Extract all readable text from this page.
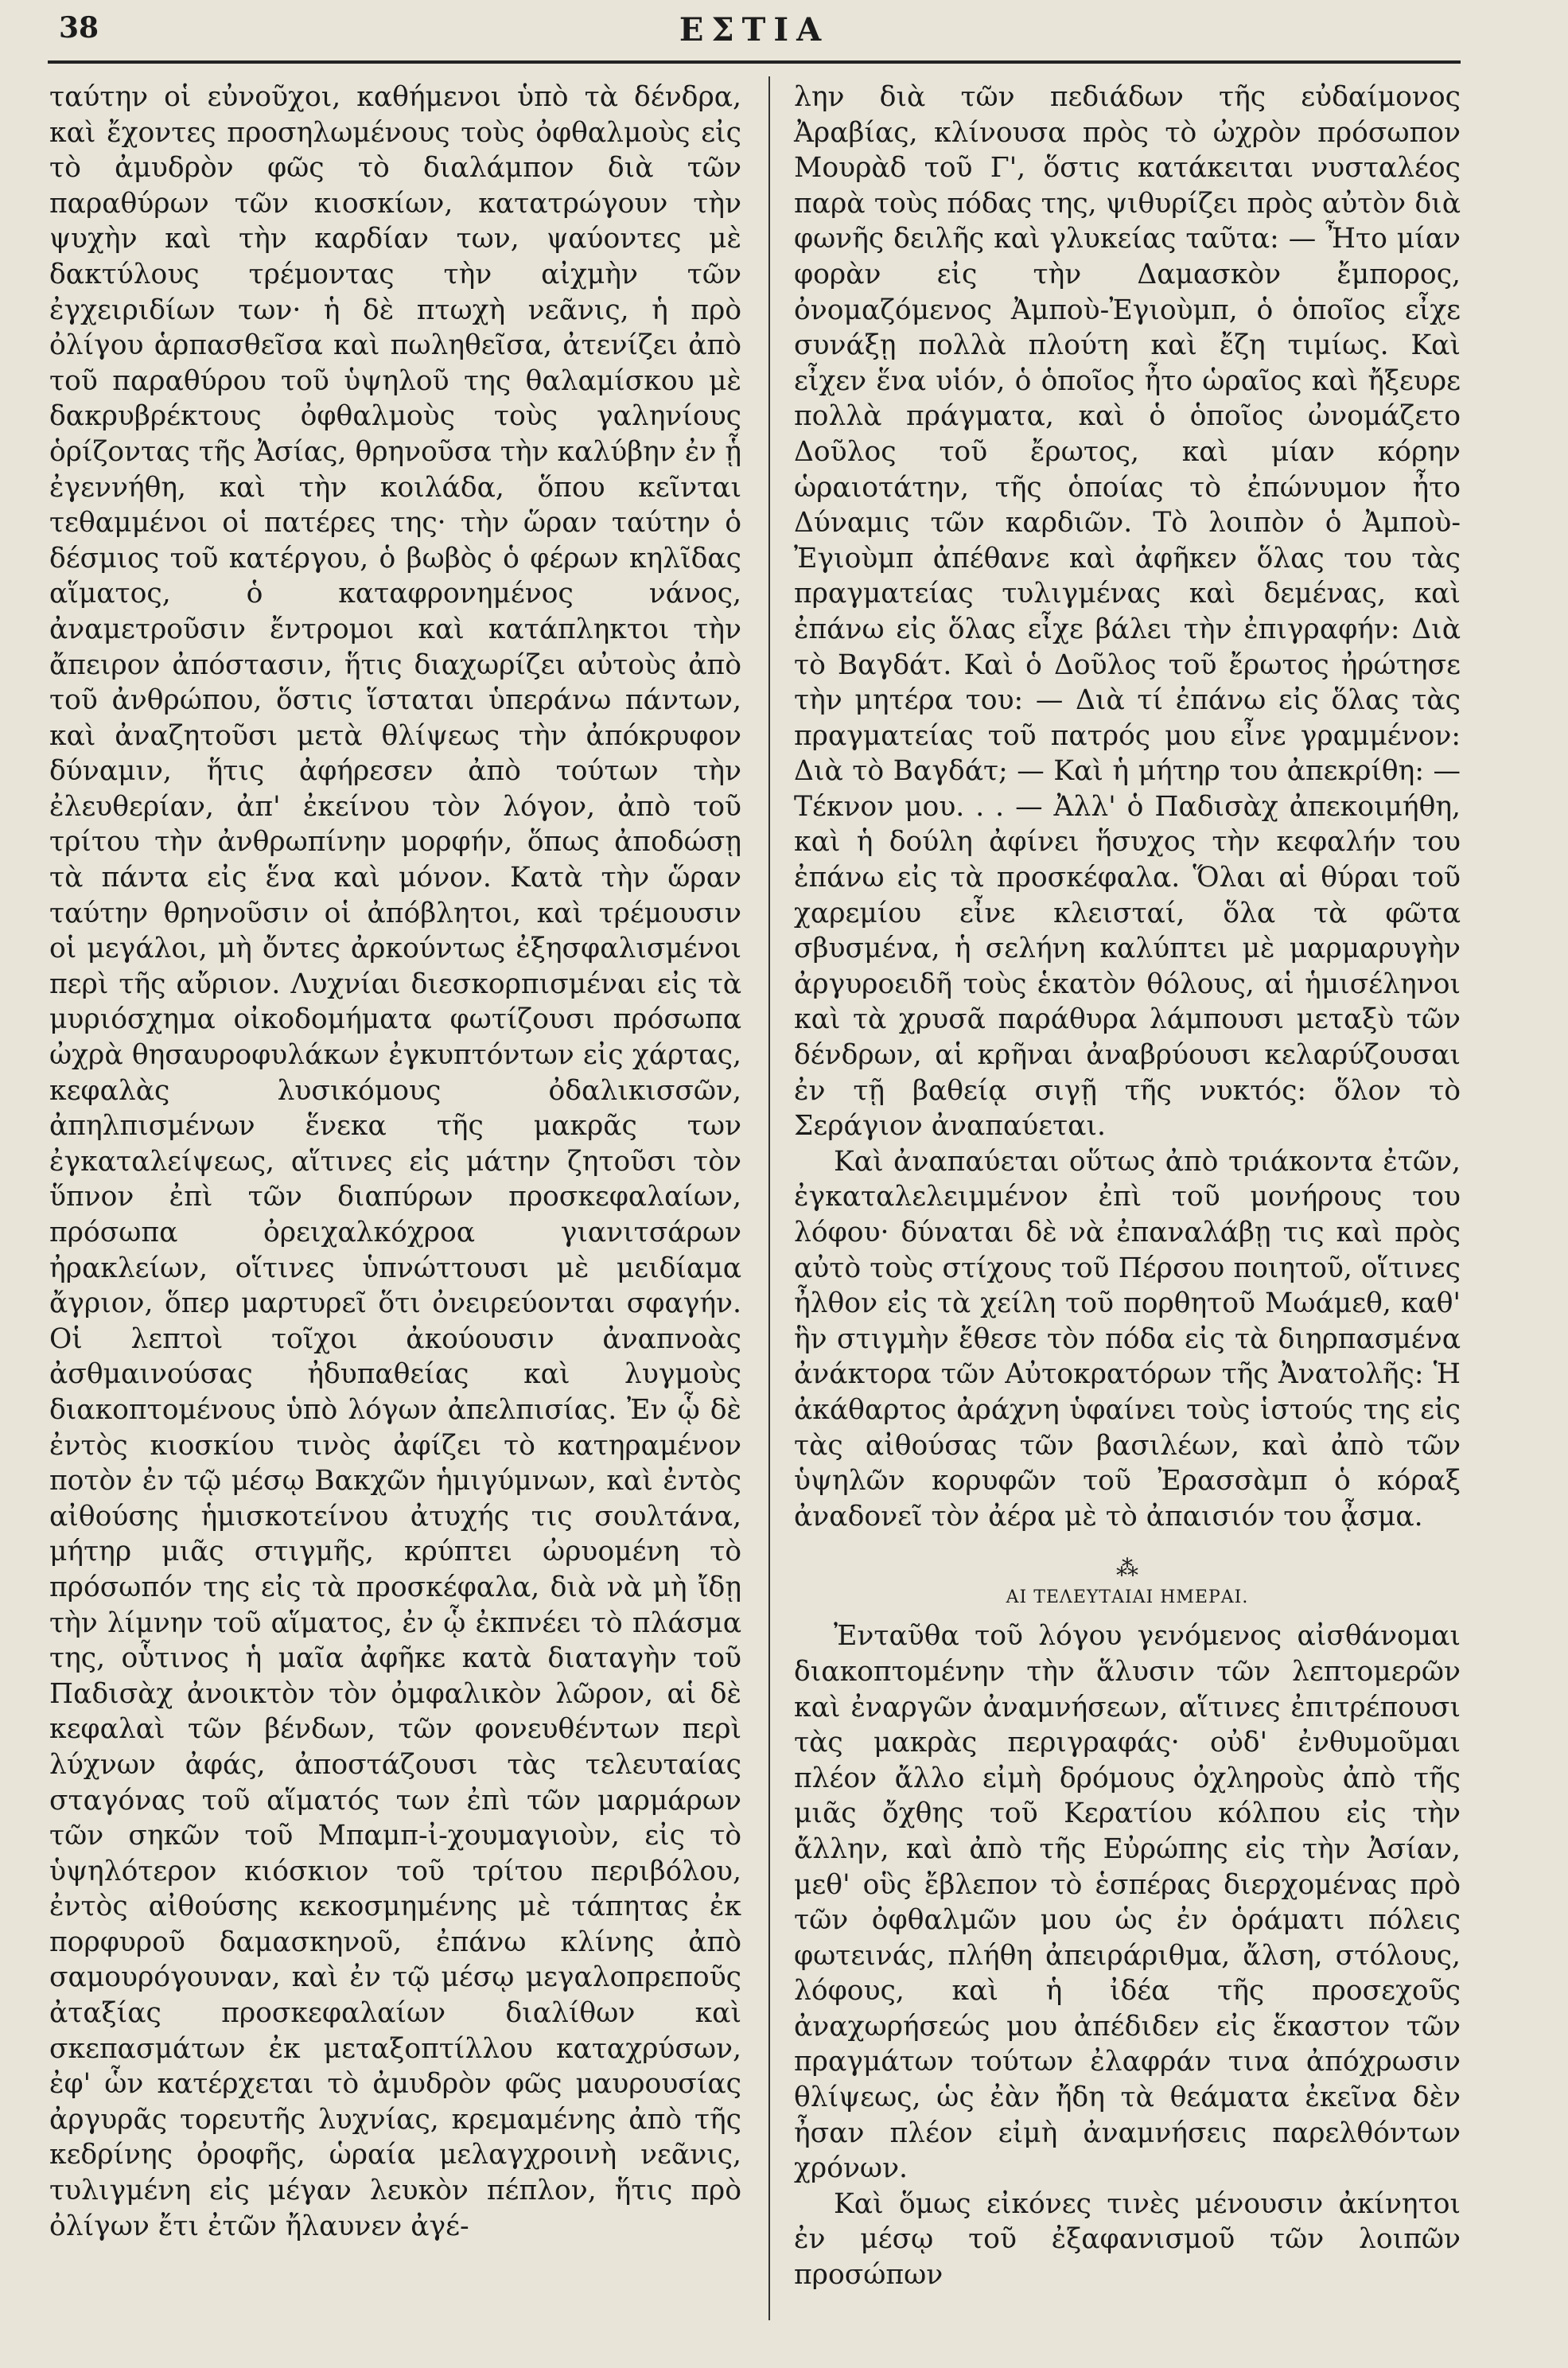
38	ΕΣΤΙΑ

ταύτην οἱ εὐνοῦχοι, καθήμενοι ὑπὸ τὰ δένδρα, καὶ ἔχοντες προσηλωμένους τοὺς ὀφθαλμοὺς εἰς τὸ ἀμυδρὸν φῶς τὸ διαλάμπον διὰ τῶν παραθύρων τῶν κιοσκίων, κατατρώγουν τὴν ψυχὴν καὶ τὴν καρδίαν των, ψαύοντες μὲ δακτύλους τρέμοντας τὴν αἰχμὴν τῶν ἐγχειριδίων των· ἡ δὲ πτωχὴ νεᾶνις, ἡ πρὸ ὀλίγου ἁρπασθεῖσα καὶ πωληθεῖσα, ἀτενίζει ἀπὸ τοῦ παραθύρου τοῦ ὑψηλοῦ της θαλαμίσκου μὲ δακρυβρέκτους ὀφθαλμοὺς τοὺς γαληνίους ὁρίζοντας τῆς Ἀσίας, θρηνοῦσα τὴν καλύβην ἐν ᾗ ἐγεννήθη, καὶ τὴν κοιλάδα, ὅπου κεῖνται τεθαμμένοι οἱ πατέρες της· τὴν ὥραν ταύτην ὁ δέσμιος τοῦ κατέργου, ὁ βωβὸς ὁ φέρων κηλῖδας αἵματος, ὁ καταφρονημένος νάνος, ἀναμετροῦσιν ἔντρομοι καὶ κατάπληκτοι τὴν ἄπειρον ἀπόστασιν, ἥτις διαχωρίζει αὐτοὺς ἀπὸ τοῦ ἀνθρώπου, ὅστις ἵσταται ὑπεράνω πάντων, καὶ ἀναζητοῦσι μετὰ θλίψεως τὴν ἀπόκρυφον δύναμιν, ἥτις ἀφήρεσεν ἀπὸ τούτων τὴν ἐλευθερίαν, ἀπ' ἐκείνου τὸν λόγον, ἀπὸ τοῦ τρίτου τὴν ἀνθρωπίνην μορφήν, ὅπως ἀποδώσῃ τὰ πάντα εἰς ἕνα καὶ μόνον. Κατὰ τὴν ὥραν ταύτην θρηνοῦσιν οἱ ἀπόβλητοι, καὶ τρέμουσιν οἱ μεγάλοι, μὴ ὄντες ἀρκούντως ἐξησφαλισμένοι περὶ τῆς αὔριον. Λυχνίαι διεσκορπισμέναι εἰς τὰ μυριόσχημα οἰκοδομήματα φωτίζουσι πρόσωπα ὠχρὰ θησαυροφυλάκων ἐγκυπτόντων εἰς χάρτας, κεφαλὰς λυσικόμους ὀδαλικισσῶν, ἀπηλπισμένων ἕνεκα τῆς μακρᾶς των ἐγκαταλείψεως, αἵτινες εἰς μάτην ζητοῦσι τὸν ὕπνον ἐπὶ τῶν διαπύρων προσκεφαλαίων, πρόσωπα ὀρειχαλκόχροα γιανιτσάρων ἠρακλείων, οἵτινες ὑπνώττουσι μὲ μειδίαμα ἄγριον, ὅπερ μαρτυρεῖ ὅτι ὀνειρεύονται σφαγήν. Οἱ λεπτοὶ τοῖχοι ἀκούουσιν ἀναπνοὰς ἀσθμαινούσας ἠδυπαθείας καὶ λυγμοὺς διακοπτομένους ὑπὸ λόγων ἀπελπισίας. Ἐν ᾧ δὲ ἐντὸς κιοσκίου τινὸς ἀφίζει τὸ κατηραμένον ποτὸν ἐν τῷ μέσῳ Βακχῶν ἡμιγύμνων, καὶ ἐντὸς αἰθούσης ἡμισκοτείνου ἀτυχής τις σουλτάνα, μήτηρ μιᾶς στιγμῆς, κρύπτει ὠρυομένη τὸ πρόσωπόν της εἰς τὰ προσκέφαλα, διὰ νὰ μὴ ἴδῃ τὴν λίμνην τοῦ αἵματος, ἐν ᾧ ἐκπνέει τὸ πλάσμα της, οὗτινος ἡ μαῖα ἀφῆκε κατὰ διαταγὴν τοῦ Παδισὰχ ἀνοικτὸν τὸν ὀμφαλικὸν λῶρον, αἱ δὲ κεφαλαὶ τῶν βένδων, τῶν φονευθέντων περὶ λύχνων ἀφάς, ἀποστάζουσι τὰς τελευταίας σταγόνας τοῦ αἵματός των ἐπὶ τῶν μαρμάρων τῶν σηκῶν τοῦ Μπαμπ-ἰ-χουμαγιοὺν, εἰς τὸ ὑψηλότερον κιόσκιον τοῦ τρίτου περιβόλου, ἐντὸς αἰθούσης κεκοσμημένης μὲ τάπητας ἐκ πορφυροῦ δαμασκηνοῦ, ἐπάνω κλίνης ἀπὸ σαμουρόγουναν, καὶ ἐν τῷ μέσῳ μεγαλοπρεποῦς ἀταξίας προσκεφαλαίων διαλίθων καὶ σκεπασμάτων ἐκ μεταξοπτίλλου καταχρύσων, ἐφ' ὧν κατέρχεται τὸ ἀμυδρὸν φῶς μαυρουσίας ἀργυρᾶς τορευτῆς λυχνίας, κρεμαμένης ἀπὸ τῆς κεδρίνης ὀροφῆς, ὡραία μελαγχροινὴ νεᾶνις, τυλιγμένη εἰς μέγαν λευκὸν πέπλον, ἥτις πρὸ ὀλίγων ἔτι ἐτῶν ἤλαυνεν ἀγέ-

λην διὰ τῶν πεδιάδων τῆς εὐδαίμονος Ἀραβίας, κλίνουσα πρὸς τὸ ὠχρὸν πρόσωπον Μουρὰδ τοῦ Γ', ὅστις κατάκειται νυσταλέος παρὰ τοὺς πόδας της, ψιθυρίζει πρὸς αὐτὸν διὰ φωνῆς δειλῆς καὶ γλυκείας ταῦτα: — Ἦτο μίαν φορὰν εἰς τὴν Δαμασκὸν ἔμπορος, ὀνομαζόμενος Ἀμποὺ-Ἐγιοὺμπ, ὁ ὁποῖος εἶχε συνάξῃ πολλὰ πλούτη καὶ ἔζη τιμίως. Καὶ εἶχεν ἕνα υἱόν, ὁ ὁποῖος ἦτο ὡραῖος καὶ ἤξευρε πολλὰ πράγματα, καὶ ὁ ὁποῖος ὠνομάζετο Δοῦλος τοῦ ἔρωτος, καὶ μίαν κόρην ὡραιοτάτην, τῆς ὁποίας τὸ ἐπώνυμον ἦτο Δύναμις τῶν καρδιῶν. Τὸ λοιπὸν ὁ Ἀμποὺ-Ἐγιοὺμπ ἀπέθανε καὶ ἀφῆκεν ὅλας του τὰς πραγματείας τυλιγμένας καὶ δεμένας, καὶ ἐπάνω εἰς ὅλας εἶχε βάλει τὴν ἐπιγραφήν: Διὰ τὸ Βαγδάτ. Καὶ ὁ Δοῦλος τοῦ ἔρωτος ἠρώτησε τὴν μητέρα του: — Διὰ τί ἐπάνω εἰς ὅλας τὰς πραγματείας τοῦ πατρός μου εἶνε γραμμένον: Διὰ τὸ Βαγδάτ; — Καὶ ἡ μήτηρ του ἀπεκρίθη: — Τέκνον μου. . . — Ἀλλ' ὁ Παδισὰχ ἀπεκοιμήθη, καὶ ἡ δούλη ἀφίνει ἥσυχος τὴν κεφαλήν του ἐπάνω εἰς τὰ προσκέφαλα. Ὅλαι αἱ θύραι τοῦ χαρεμίου εἶνε κλεισταί, ὅλα τὰ φῶτα σβυσμένα, ἡ σελήνη καλύπτει μὲ μαρμαρυγὴν ἀργυροειδῆ τοὺς ἑκατὸν θόλους, αἱ ἡμισέληνοι καὶ τὰ χρυσᾶ παράθυρα λάμπουσι μεταξὺ τῶν δένδρων, αἱ κρῆναι ἀναβρύουσι κελαρύζουσαι ἐν τῇ βαθείᾳ σιγῇ τῆς νυκτός: ὅλον τὸ Σεράγιον ἀναπαύεται.

Καὶ ἀναπαύεται οὕτως ἀπὸ τριάκοντα ἐτῶν, ἐγκαταλελειμμένον ἐπὶ τοῦ μονήρους του λόφου· δύναται δὲ νὰ ἐπαναλάβῃ τις καὶ πρὸς αὐτὸ τοὺς στίχους τοῦ Πέρσου ποιητοῦ, οἵτινες ἦλθον εἰς τὰ χείλη τοῦ πορθητοῦ Μωάμεθ, καθ' ἣν στιγμὴν ἔθεσε τὸν πόδα εἰς τὰ διηρπασμένα ἀνάκτορα τῶν Αὐτοκρατόρων τῆς Ἀνατολῆς: Ἡ ἀκάθαρτος ἀράχνη ὑφαίνει τοὺς ἱστούς της εἰς τὰς αἰθούσας τῶν βασιλέων, καὶ ἀπὸ τῶν ὑψηλῶν κορυφῶν τοῦ Ἐρασσὰμπ ὁ κόραξ ἀναδονεῖ τὸν ἀέρα μὲ τὸ ἀπαισιόν του ᾆσμα.

⁂
ΑΙ ΤΕΛΕΥΤΑΙΑΙ ΗΜΕΡΑΙ.

Ἐνταῦθα τοῦ λόγου γενόμενος αἰσθάνομαι διακοπτομένην τὴν ἅλυσιν τῶν λεπτομερῶν καὶ ἐναργῶν ἀναμνήσεων, αἵτινες ἐπιτρέπουσι τὰς μακρὰς περιγραφάς· οὐδ' ἐνθυμοῦμαι πλέον ἄλλο εἰμὴ δρόμους ὀχληροὺς ἀπὸ τῆς μιᾶς ὄχθης τοῦ Κερατίου κόλπου εἰς τὴν ἄλλην, καὶ ἀπὸ τῆς Εὐρώπης εἰς τὴν Ἀσίαν, μεθ' οὓς ἔβλεπον τὸ ἑσπέρας διερχομένας πρὸ τῶν ὀφθαλμῶν μου ὡς ἐν ὁράματι πόλεις φωτεινάς, πλήθη ἀπειράριθμα, ἄλση, στόλους, λόφους, καὶ ἡ ἰδέα τῆς προσεχοῦς ἀναχωρήσεώς μου ἀπέδιδεν εἰς ἕκαστον τῶν πραγμάτων τούτων ἐλαφράν τινα ἀπόχρωσιν θλίψεως, ὡς ἐὰν ἤδη τὰ θεάματα ἐκεῖνα δὲν ἦσαν πλέον εἰμὴ ἀναμνήσεις παρελθόντων χρόνων.

Καὶ ὅμως εἰκόνες τινὲς μένουσιν ἀκίνητοι ἐν μέσῳ τοῦ ἐξαφανισμοῦ τῶν λοιπῶν προσώπων
